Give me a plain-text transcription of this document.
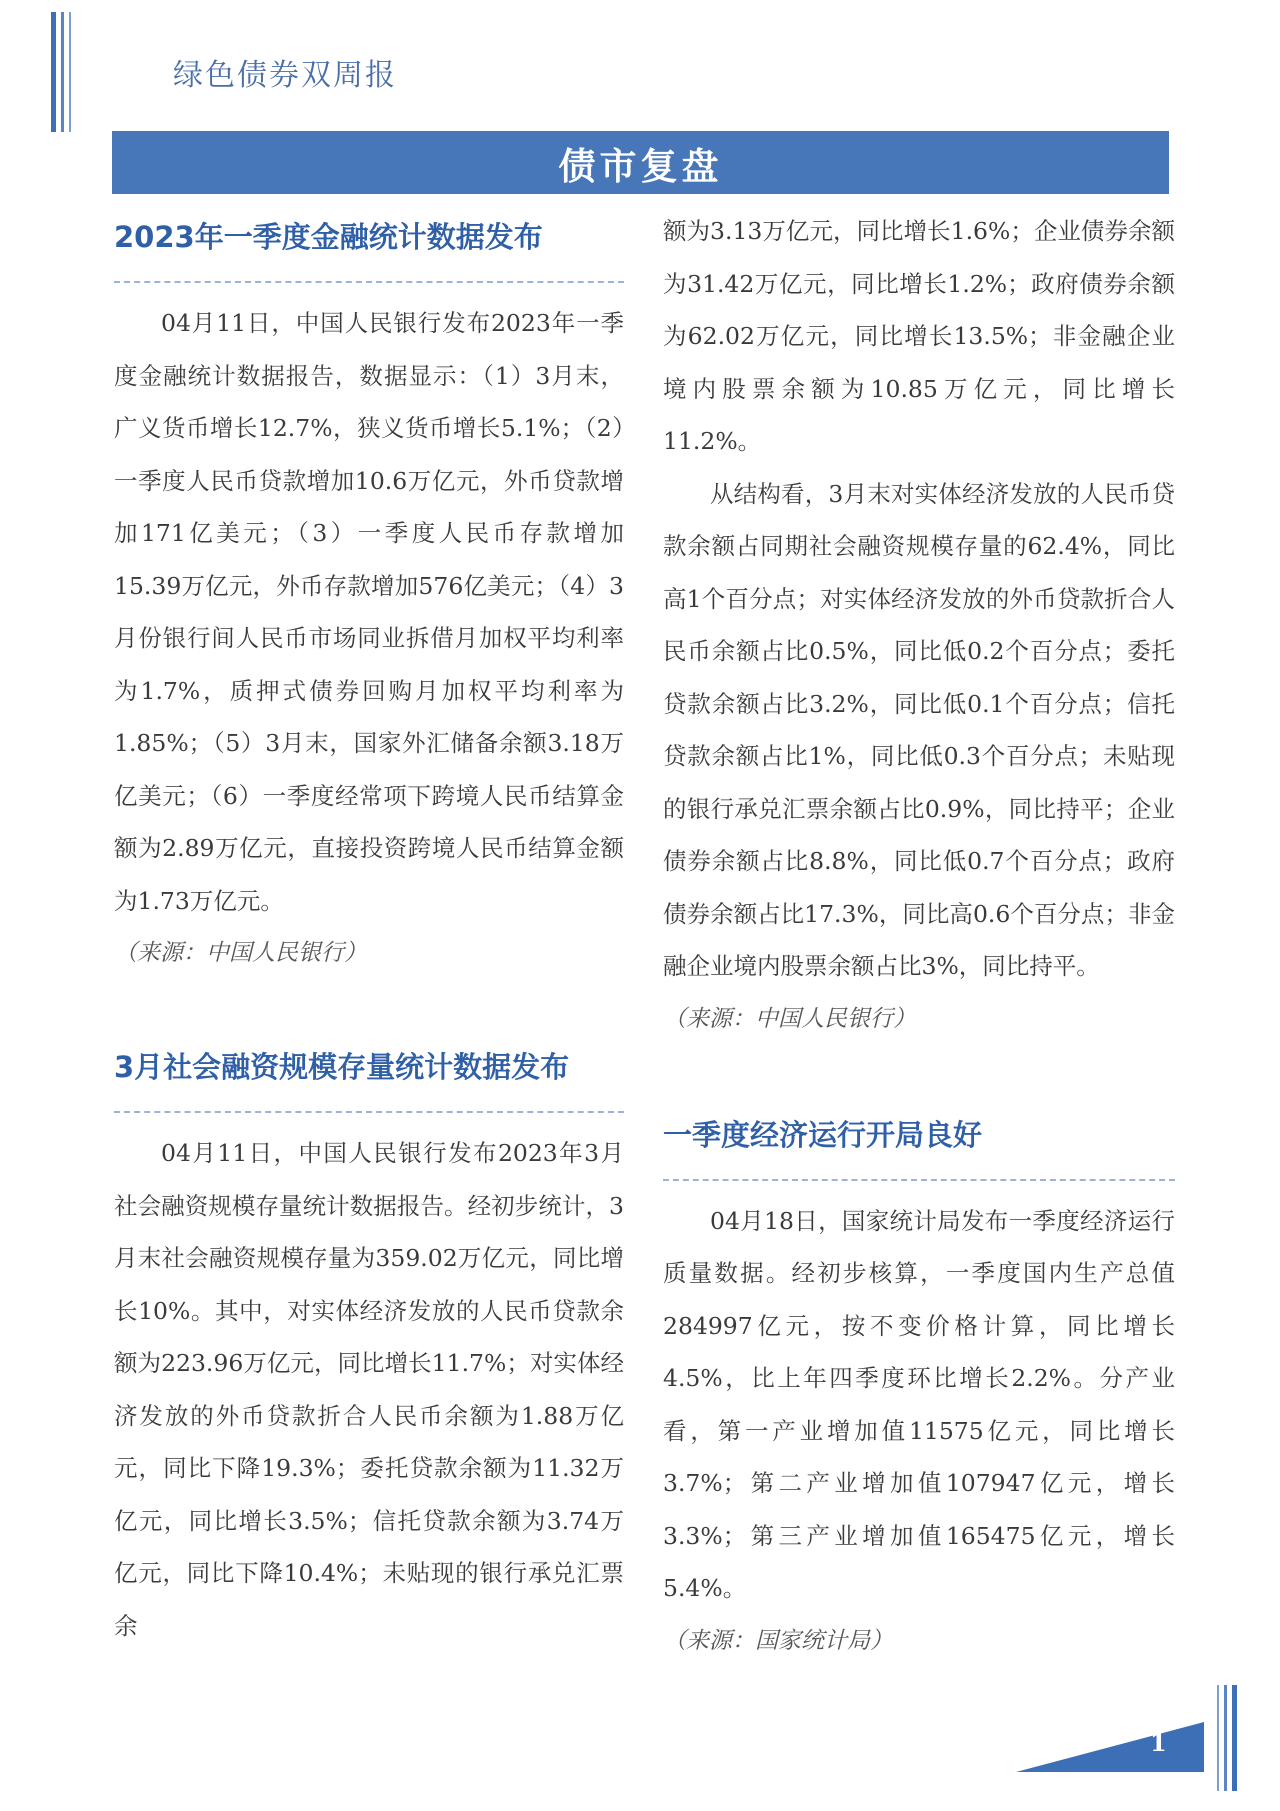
绿色债券双周报
债市复盘
2023年一季度金融统计数据发布

04月11日，中国人民银行发布2023年一季度金融统计数据报告，数据显示：（1）3月末，广义货币增长12.7%，狭义货币增长5.1%；（2）一季度人民币贷款增加10.6万亿元，外币贷款增加171亿美元；（3）一季度人民币存款增加15.39万亿元，外币存款增加576亿美元；（4）3月份银行间人民币市场同业拆借月加权平均利率为1.7%，质押式债券回购月加权平均利率为1.85%；（5）3月末，国家外汇储备余额3.18万亿美元；（6）一季度经常项下跨境人民币结算金额为2.89万亿元，直接投资跨境人民币结算金额为1.73万亿元。

（来源：中国人民银行）

3月社会融资规模存量统计数据发布

04月11日，中国人民银行发布2023年3月社会融资规模存量统计数据报告。经初步统计，3月末社会融资规模存量为359.02万亿元，同比增长10%。其中，对实体经济发放的人民币贷款余额为223.96万亿元，同比增长11.7%；对实体经济发放的外币贷款折合人民币余额为1.88万亿元，同比下降19.3%；委托贷款余额为11.32万亿元，同比增长3.5%；信托贷款余额为3.74万亿元，同比下降10.4%；未贴现的银行承兑汇票余

额为3.13万亿元，同比增长1.6%；企业债券余额为31.42万亿元，同比增长1.2%；政府债券余额为62.02万亿元，同比增长13.5%；非金融企业境内股票余额为10.85万亿元，同比增长11.2%。

从结构看，3月末对实体经济发放的人民币贷款余额占同期社会融资规模存量的62.4%，同比高1个百分点；对实体经济发放的外币贷款折合人民币余额占比0.5%，同比低0.2个百分点；委托贷款余额占比3.2%，同比低0.1个百分点；信托贷款余额占比1%，同比低0.3个百分点；未贴现的银行承兑汇票余额占比0.9%，同比持平；企业债券余额占比8.8%，同比低0.7个百分点；政府债券余额占比17.3%，同比高0.6个百分点；非金融企业境内股票余额占比3%，同比持平。

（来源：中国人民银行）

一季度经济运行开局良好

04月18日，国家统计局发布一季度经济运行质量数据。经初步核算，一季度国内生产总值284997亿元，按不变价格计算，同比增长4.5%，比上年四季度环比增长2.2%。分产业看，第一产业增加值11575亿元，同比增长3.7%；第二产业增加值107947亿元，增长3.3%；第三产业增加值165475亿元，增长5.4%。

（来源：国家统计局）

1
